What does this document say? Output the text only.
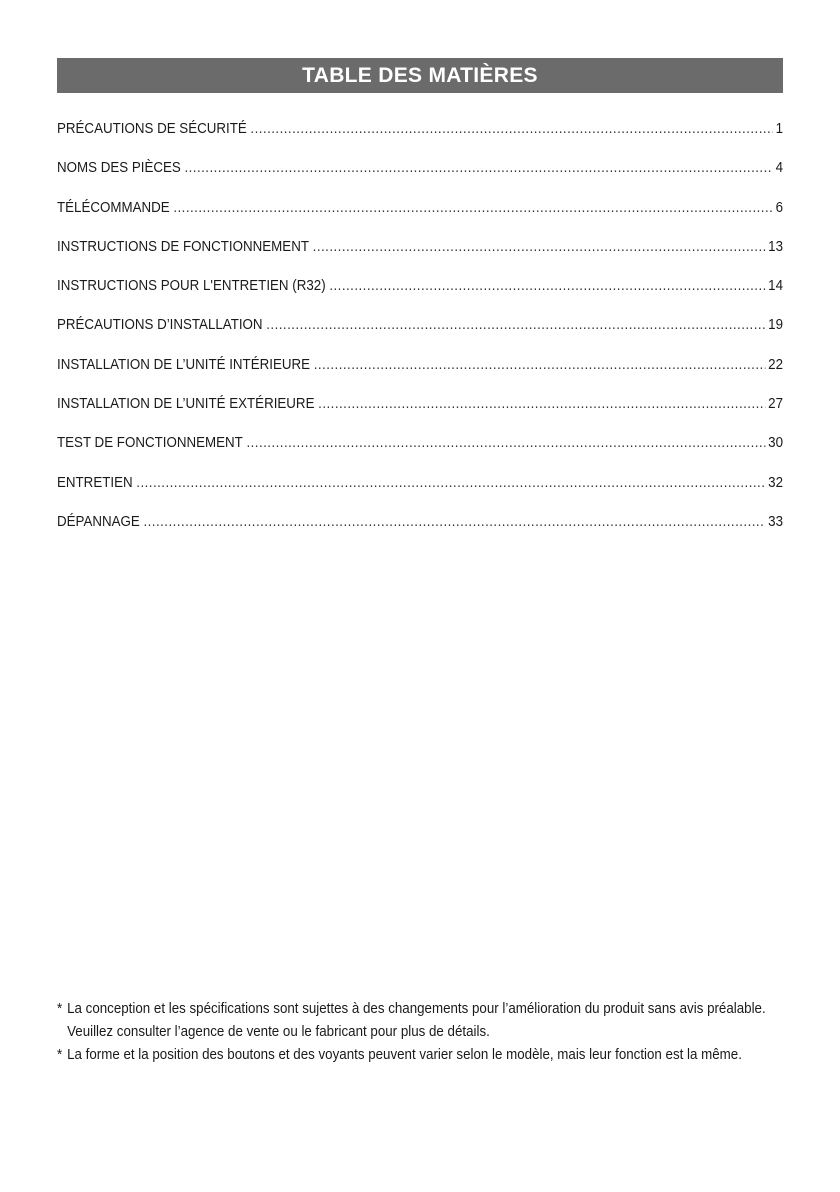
TABLE DES MATIÈRES
PRÉCAUTIONS DE SÉCURITÉ .....	1
NOMS DES PIÈCES .....	4
TÉLÉCOMMANDE .....	6
INSTRUCTIONS DE FONCTIONNEMENT .....	13
INSTRUCTIONS POUR L'ENTRETIEN (R32) .....	14
PRÉCAUTIONS D’INSTALLATION .....	19
INSTALLATION DE L’UNITÉ INTÉRIEURE .....	22
INSTALLATION DE L’UNITÉ EXTÉRIEURE .....	27
TEST DE FONCTIONNEMENT .....	30
ENTRETIEN .....	32
DÉPANNAGE .....	33
* La conception et les spécifications sont sujettes à des changements pour l’amélioration du produit sans avis préalable. Veuillez consulter l’agence de vente ou le fabricant pour plus de détails.
* La forme et la position des boutons et des voyants peuvent varier selon le modèle, mais leur fonction est la même.
